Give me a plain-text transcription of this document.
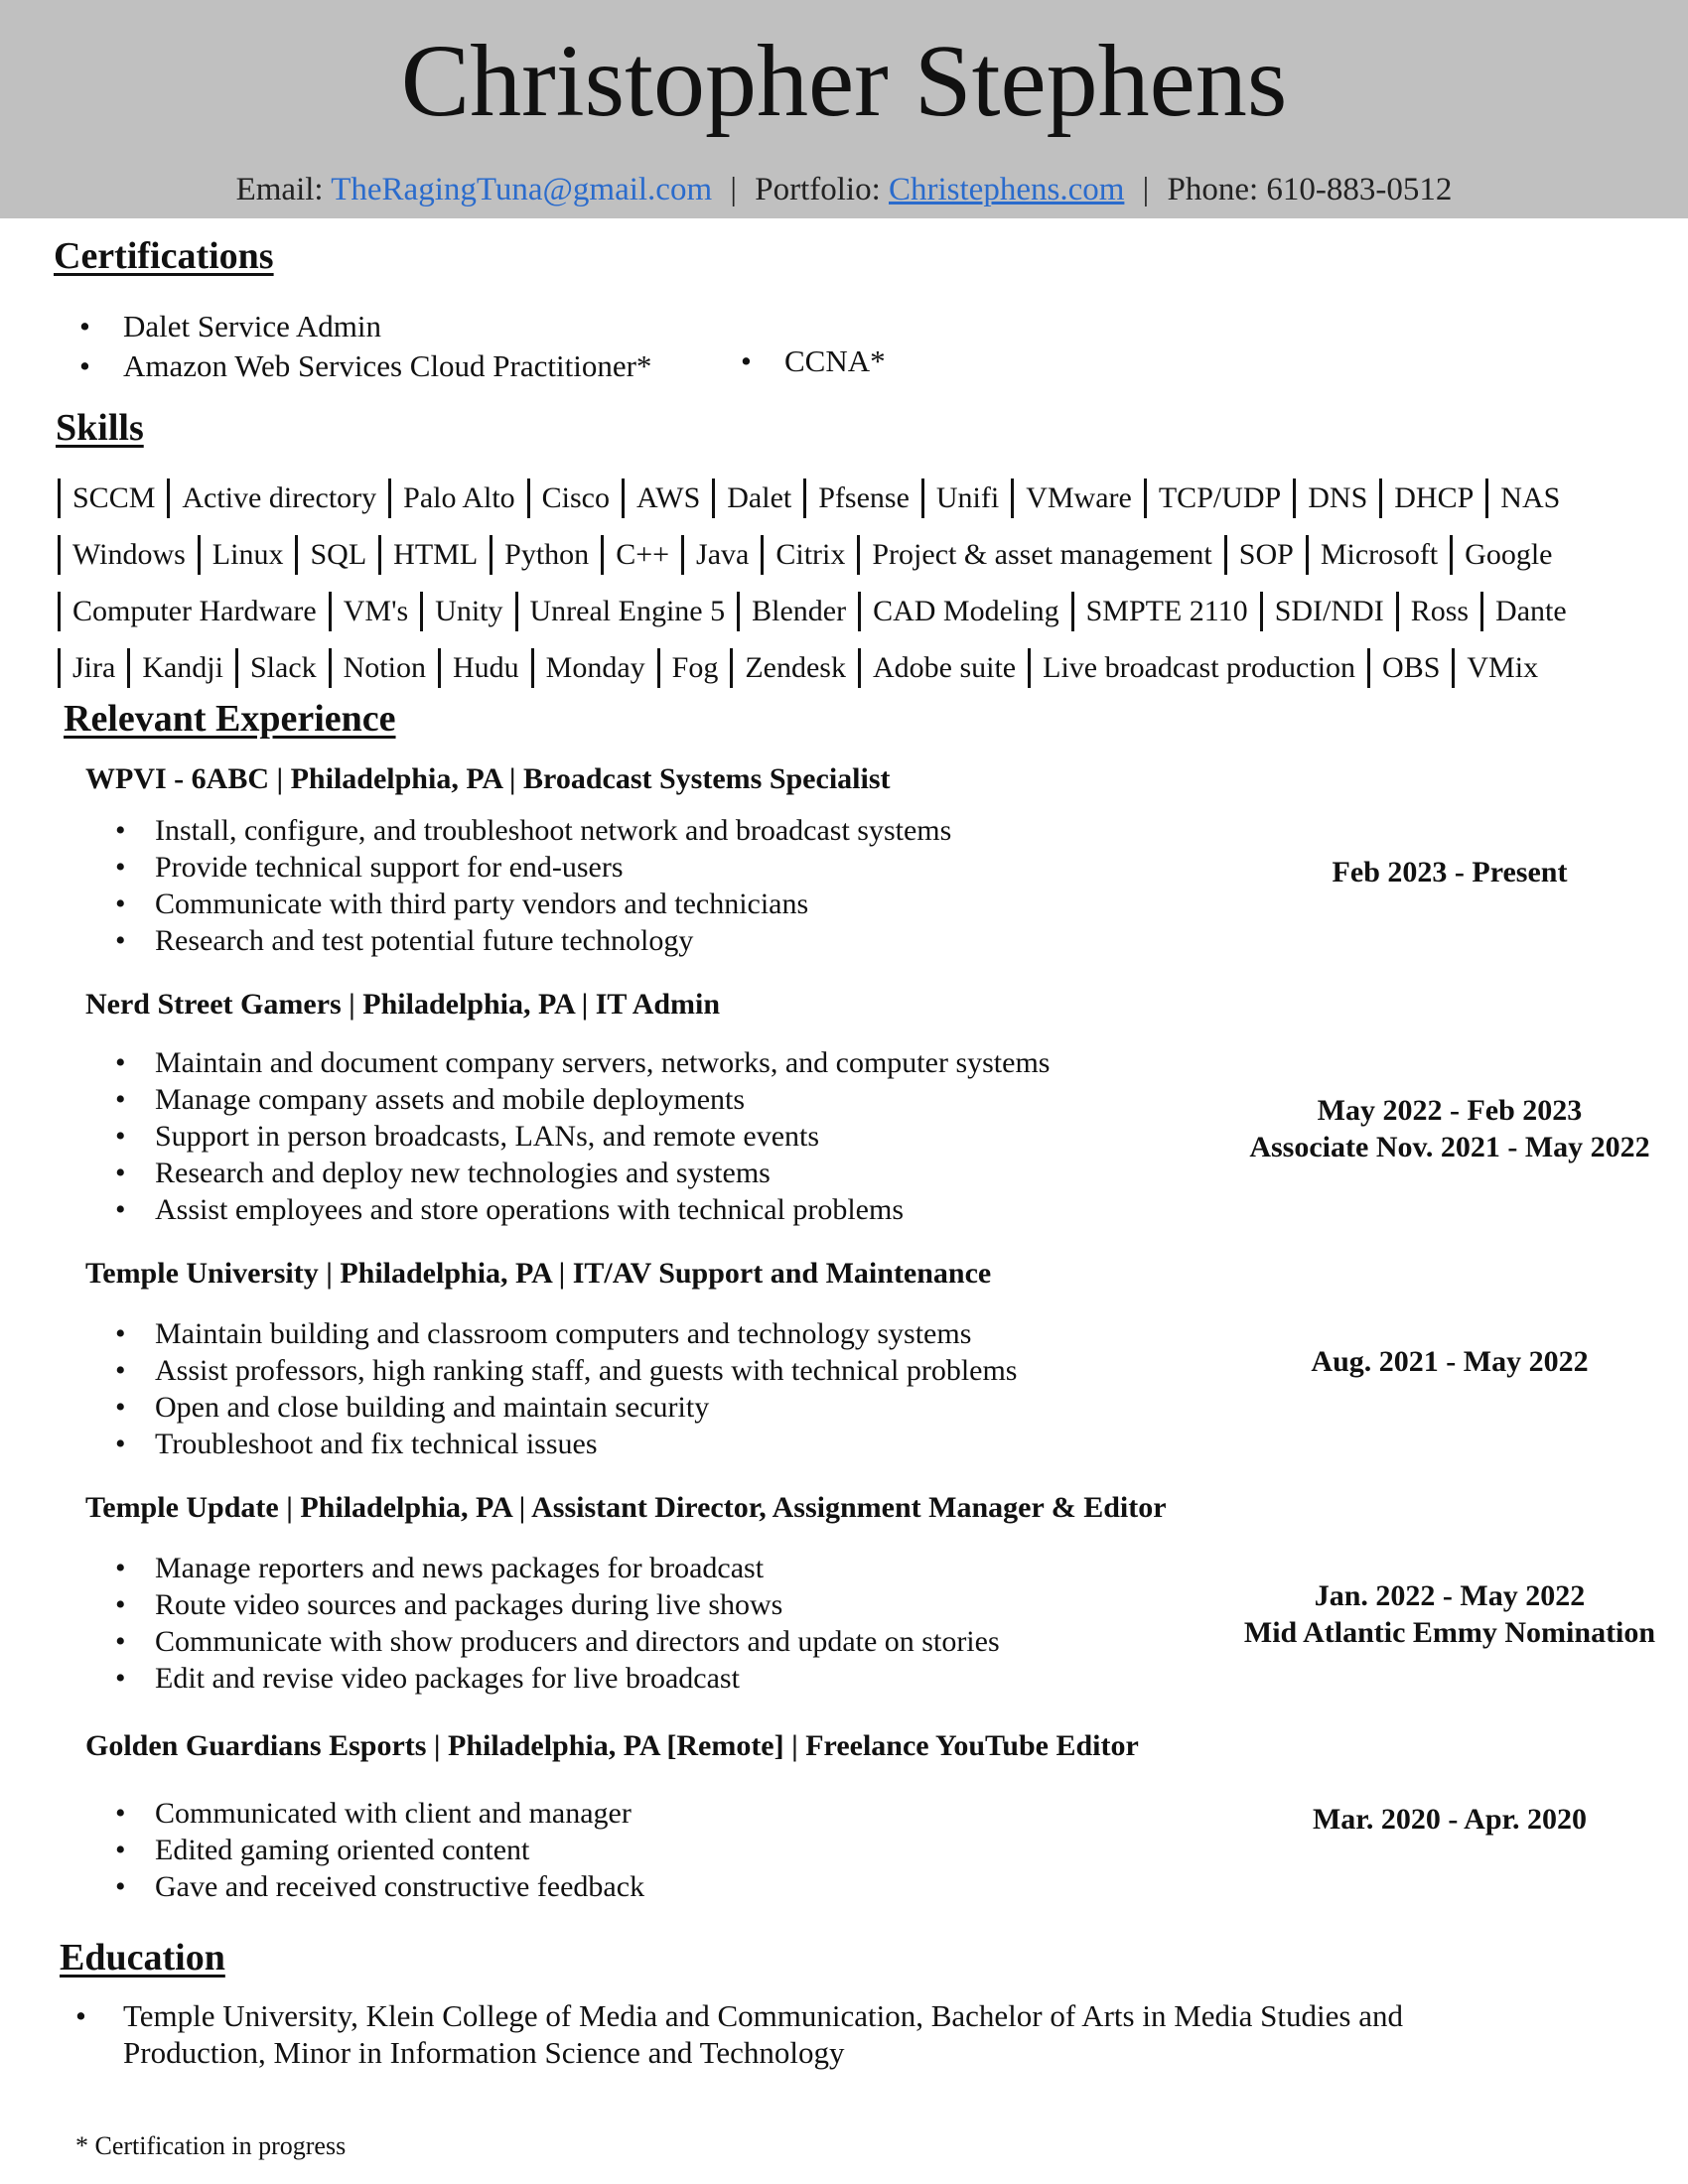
Christopher Stephens
Email: TheRagingTuna@gmail.com | Portfolio: Christephens.com | Phone: 610-883-0512
Certifications
• Dalet Service Admin
• Amazon Web Services Cloud Practitioner*	• CCNA*
Skills
SCCM Active directory Palo Alto Cisco AWS Dalet Pfsense Unifi VMware TCP/UDP DNS DHCP NAS
Windows Linux SQL HTML Python C++ Java Citrix Project & asset management SOP Microsoft Google
Computer Hardware VM's Unity Unreal Engine 5 Blender CAD Modeling SMPTE 2110 SDI/NDI Ross Dante
Jira Kandji Slack Notion Hudu Monday Fog Zendesk Adobe suite Live broadcast production OBS VMix
Relevant Experience
WPVI - 6ABC | Philadelphia, PA | Broadcast Systems Specialist
• Install, configure, and troubleshoot network and broadcast systems
• Provide technical support for end-users
• Communicate with third party vendors and technicians
• Research and test potential future technology
Feb 2023 - Present
Nerd Street Gamers | Philadelphia, PA | IT Admin
• Maintain and document company servers, networks, and computer systems
• Manage company assets and mobile deployments
• Support in person broadcasts, LANs, and remote events
• Research and deploy new technologies and systems
• Assist employees and store operations with technical problems
May 2022 - Feb 2023
Associate Nov. 2021 - May 2022
Temple University | Philadelphia, PA | IT/AV Support and Maintenance
• Maintain building and classroom computers and technology systems
• Assist professors, high ranking staff, and guests with technical problems
• Open and close building and maintain security
• Troubleshoot and fix technical issues
Aug. 2021 - May 2022
Temple Update | Philadelphia, PA | Assistant Director, Assignment Manager & Editor
• Manage reporters and news packages for broadcast
• Route video sources and packages during live shows
• Communicate with show producers and directors and update on stories
• Edit and revise video packages for live broadcast
Jan. 2022 - May 2022
Mid Atlantic Emmy Nomination
Golden Guardians Esports | Philadelphia, PA [Remote] | Freelance YouTube Editor
• Communicated with client and manager
• Edited gaming oriented content
• Gave and received constructive feedback
Mar. 2020 - Apr. 2020
Education
• Temple University, Klein College of Media and Communication, Bachelor of Arts in Media Studies and Production, Minor in Information Science and Technology
* Certification in progress
